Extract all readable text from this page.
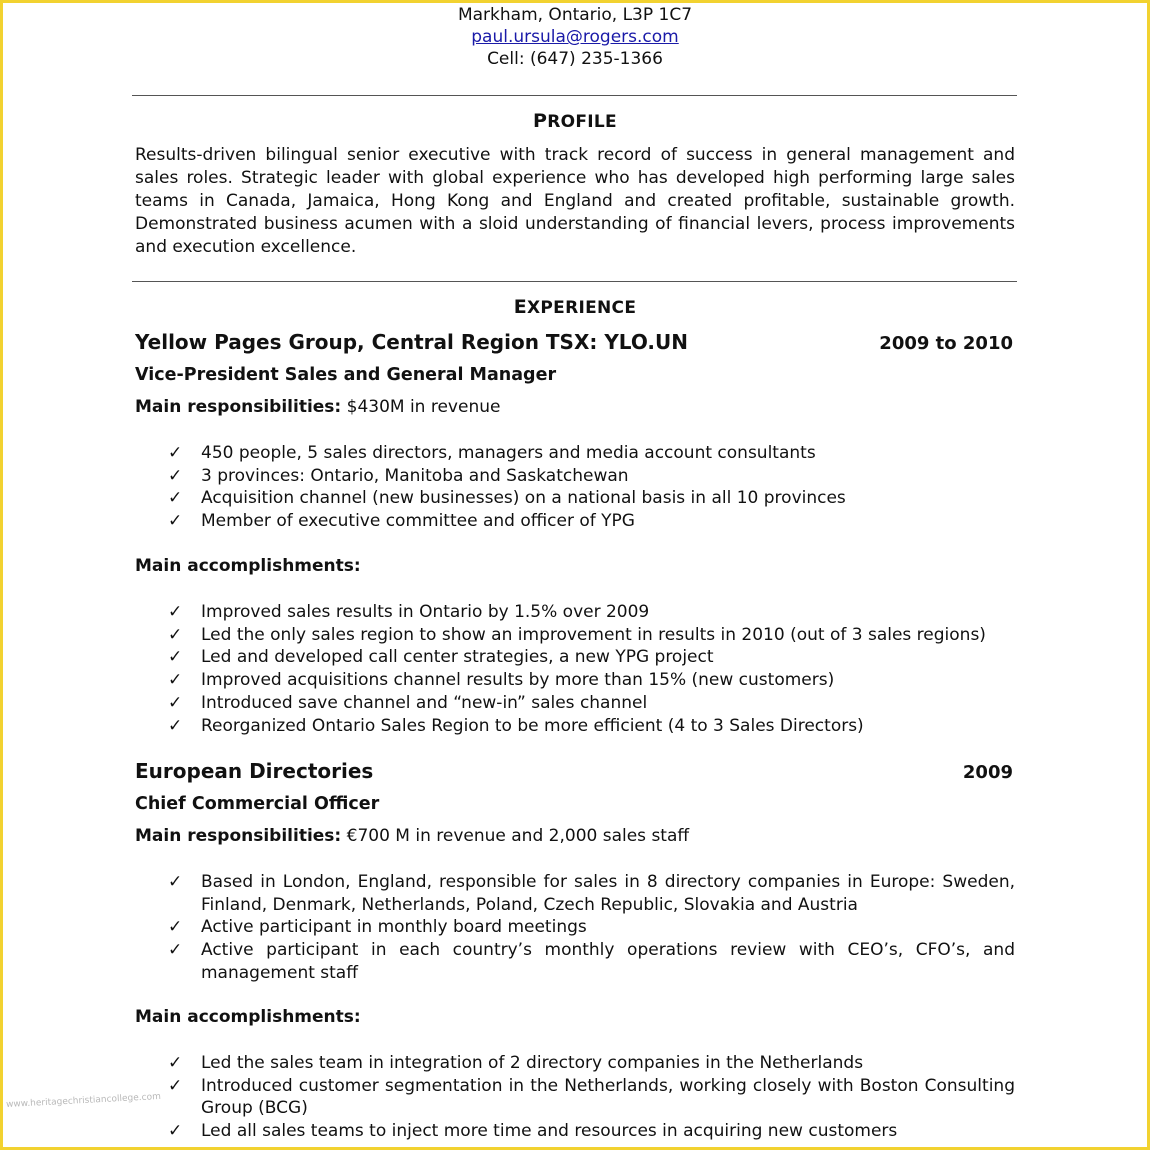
Markham, Ontario, L3P 1C7
paul.ursula@rogers.com
Cell: (647) 235-1366
PROFILE
Results-driven bilingual senior executive with track record of success in general management and sales roles. Strategic leader with global experience who has developed high performing large sales teams in Canada, Jamaica, Hong Kong and England and created profitable, sustainable growth. Demonstrated business acumen with a sloid understanding of financial levers, process improvements and execution excellence.
EXPERIENCE
Yellow Pages Group, Central Region TSX: YLO.UN	2009 to 2010
Vice-President Sales and General Manager
Main responsibilities: $430M in revenue
✓ 450 people, 5 sales directors, managers and media account consultants
✓ 3 provinces: Ontario, Manitoba and Saskatchewan
✓ Acquisition channel (new businesses) on a national basis in all 10 provinces
✓ Member of executive committee and officer of YPG
Main accomplishments:
✓ Improved sales results in Ontario by 1.5% over 2009
✓ Led the only sales region to show an improvement in results in 2010 (out of 3 sales regions)
✓ Led and developed call center strategies, a new YPG project
✓ Improved acquisitions channel results by more than 15% (new customers)
✓ Introduced save channel and “new-in” sales channel
✓ Reorganized Ontario Sales Region to be more efficient (4 to 3 Sales Directors)
European Directories	2009
Chief Commercial Officer
Main responsibilities: €700 M in revenue and 2,000 sales staff
✓ Based in London, England, responsible for sales in 8 directory companies in Europe: Sweden, Finland, Denmark, Netherlands, Poland, Czech Republic, Slovakia and Austria
✓ Active participant in monthly board meetings
✓ Active participant in each country’s monthly operations review with CEO’s, CFO’s, and management staff
Main accomplishments:
✓ Led the sales team in integration of 2 directory companies in the Netherlands
✓ Introduced customer segmentation in the Netherlands, working closely with Boston Consulting Group (BCG)
✓ Led all sales teams to inject more time and resources in acquiring new customers
www.heritagechristiancollege.com
